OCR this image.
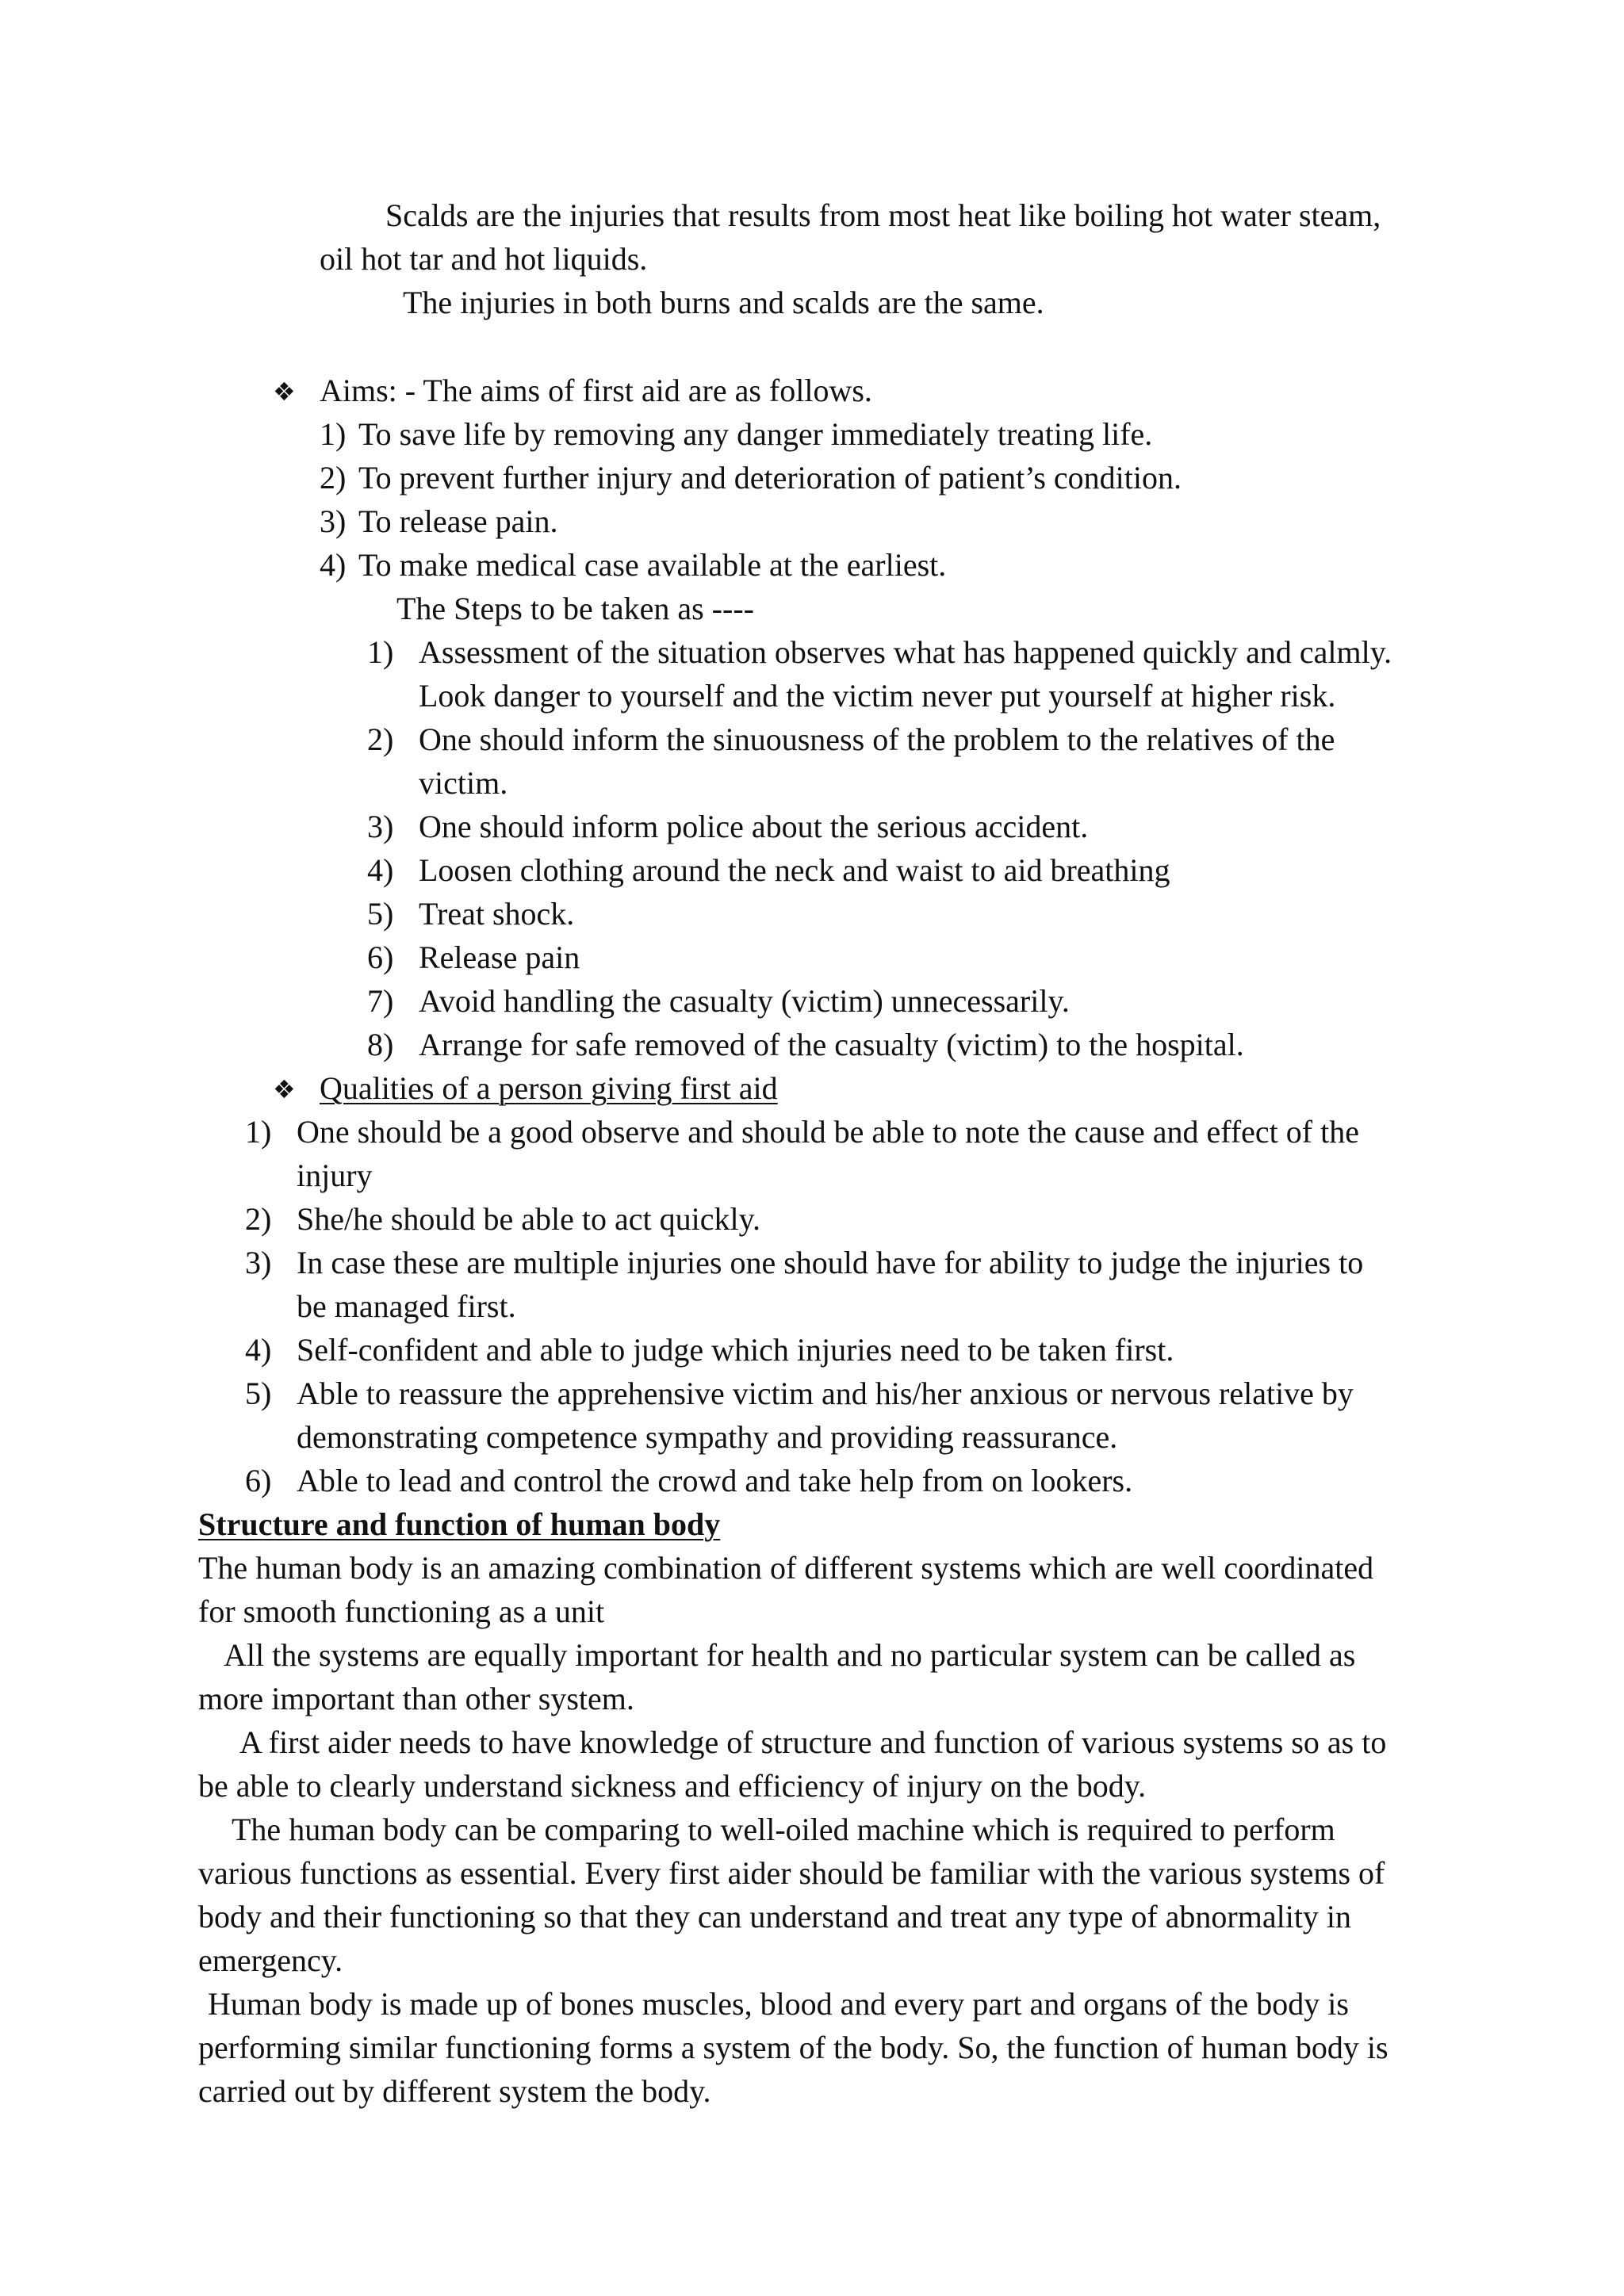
Scalds are the injuries that results from most heat like boiling hot water steam,
oil hot tar and hot liquids.
The injuries in both burns and scalds are the same.
❖ Aims: - The aims of first aid are as follows.
1) To save life by removing any danger immediately treating life.
2) To prevent further injury and deterioration of patient’s condition.
3) To release pain.
4) To make medical case available at the earliest.
The Steps to be taken as ----
1) Assessment of the situation observes what has happened quickly and calmly.
Look danger to yourself and the victim never put yourself at higher risk.
2) One should inform the sinuousness of the problem to the relatives of the
victim.
3) One should inform police about the serious accident.
4) Loosen clothing around the neck and waist to aid breathing
5) Treat shock.
6) Release pain
7) Avoid handling the casualty (victim) unnecessarily.
8) Arrange for safe removed of the casualty (victim) to the hospital.
❖ Qualities of a person giving first aid
1) One should be a good observe and should be able to note the cause and effect of the
injury
2) She/he should be able to act quickly.
3) In case these are multiple injuries one should have for ability to judge the injuries to
be managed first.
4) Self-confident and able to judge which injuries need to be taken first.
5) Able to reassure the apprehensive victim and his/her anxious or nervous relative by
demonstrating competence sympathy and providing reassurance.
6) Able to lead and control the crowd and take help from on lookers.
Structure and function of human body
The human body is an amazing combination of different systems which are well coordinated
for smooth functioning as a unit
All the systems are equally important for health and no particular system can be called as
more important than other system.
A first aider needs to have knowledge of structure and function of various systems so as to
be able to clearly understand sickness and efficiency of injury on the body.
The human body can be comparing to well-oiled machine which is required to perform
various functions as essential. Every first aider should be familiar with the various systems of
body and their functioning so that they can understand and treat any type of abnormality in
emergency.
Human body is made up of bones muscles, blood and every part and organs of the body is
performing similar functioning forms a system of the body. So, the function of human body is
carried out by different system the body.
